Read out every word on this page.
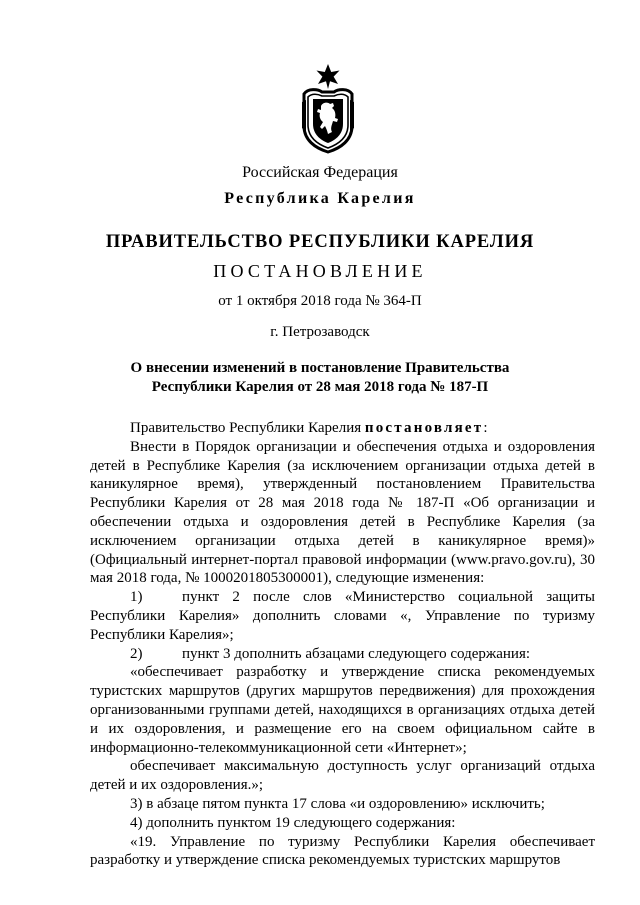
Российская Федерация
Республика Карелия
ПРАВИТЕЛЬСТВО РЕСПУБЛИКИ КАРЕЛИЯ
ПОСТАНОВЛЕНИЕ
от 1 октября 2018 года № 364-П
г. Петрозаводск
О внесении изменений в постановление Правительства
Республики Карелия от 28 мая 2018 года № 187-П

Правительство Республики Карелия постановляет:

Внести в Порядок организации и обеспечения отдыха и оздоровления детей в Республике Карелия (за исключением организации отдыха детей в каникулярное время), утвержденный постановлением Правительства Республики Карелия от 28 мая 2018 года № 187-П «Об организации и обеспечении отдыха и оздоровления детей в Республике Карелия (за исключением организации отдыха детей в каникулярное время)» (Официальный интернет-портал правовой информации (www.pravo.gov.ru), 30 мая 2018 года, № 1000201805300001), следующие изменения:

1)	пункт 2 после слов «Министерство социальной защиты Республики Карелия» дополнить словами «, Управление по туризму Республики Карелия»;

2)	пункт 3 дополнить абзацами следующего содержания:

«обеспечивает разработку и утверждение списка рекомендуемых туристских маршрутов (других маршрутов передвижения) для прохождения организованными группами детей, находящихся в организациях отдыха детей и их оздоровления, и размещение его на своем официальном сайте в информационно-телекоммуникационной сети «Интернет»;

обеспечивает максимальную доступность услуг организаций отдыха детей и их оздоровления.»;

3) в абзаце пятом пункта 17 слова «и оздоровлению» исключить;

4) дополнить пунктом 19 следующего содержания:

«19. Управление по туризму Республики Карелия обеспечивает разработку и утверждение списка рекомендуемых туристских маршрутов
